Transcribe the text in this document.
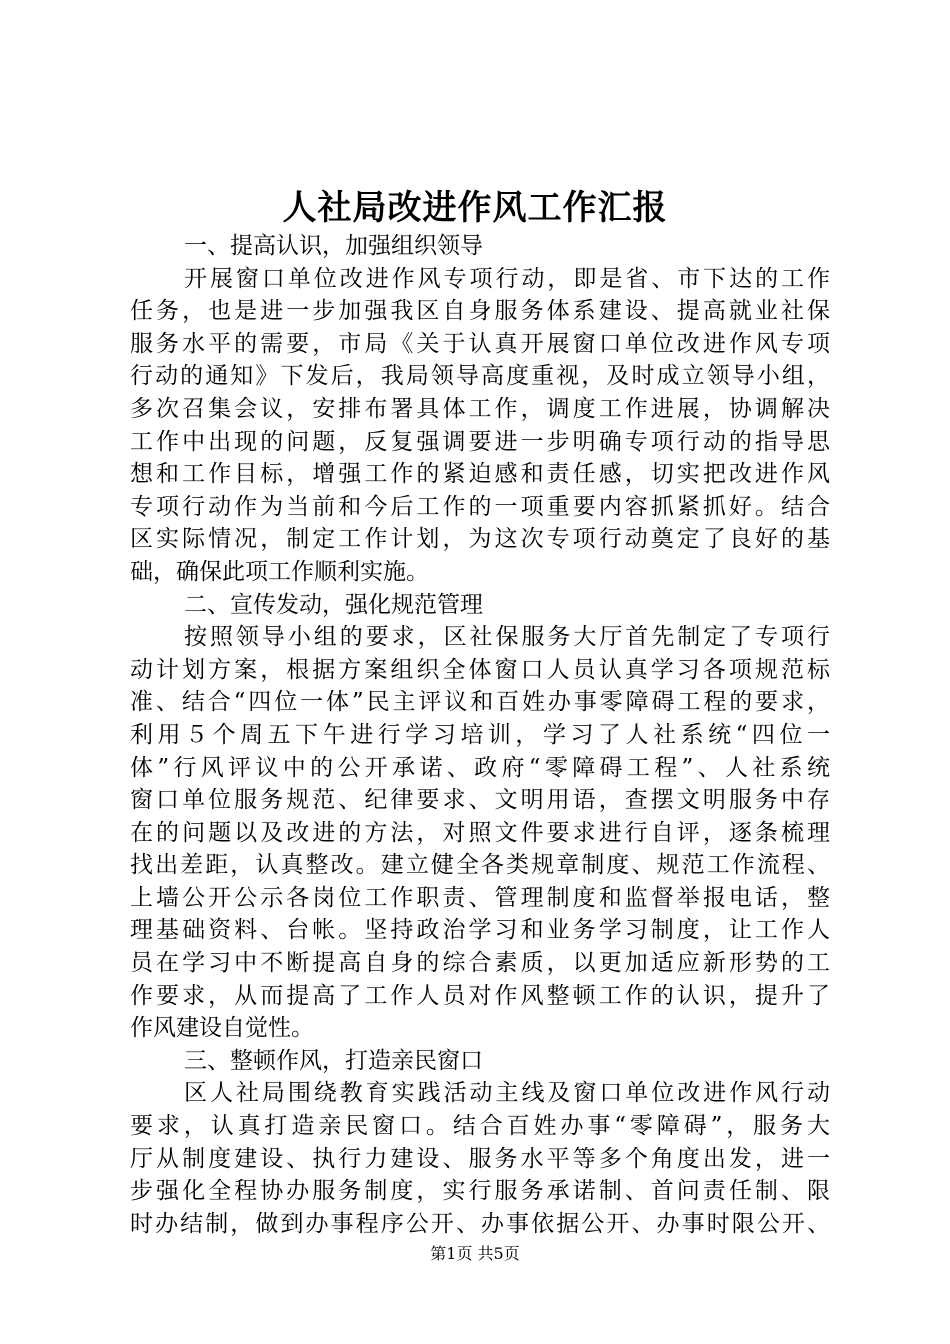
人社局改进作风工作汇报
一、提高认识，加强组织领导
开展窗口单位改进作风专项行动，即是省、市下达的工作
任务，也是进一步加强我区自身服务体系建设、提高就业社保
服务水平的需要，市局《关于认真开展窗口单位改进作风专项
行动的通知》下发后，我局领导高度重视，及时成立领导小组，
多次召集会议，安排布署具体工作，调度工作进展，协调解决
工作中出现的问题，反复强调要进一步明确专项行动的指导思
想和工作目标，增强工作的紧迫感和责任感，切实把改进作风
专项行动作为当前和今后工作的一项重要内容抓紧抓好。结合
区实际情况，制定工作计划，为这次专项行动奠定了良好的基
础，确保此项工作顺利实施。
二、宣传发动，强化规范管理
按照领导小组的要求，区社保服务大厅首先制定了专项行
动计划方案，根据方案组织全体窗口人员认真学习各项规范标
准、结合“四位一体”民主评议和百姓办事零障碍工程的要求，
利用５个周五下午进行学习培训，学习了人社系统“四位一
体”行风评议中的公开承诺、政府“零障碍工程”、人社系统
窗口单位服务规范、纪律要求、文明用语，查摆文明服务中存
在的问题以及改进的方法，对照文件要求进行自评，逐条梳理
找出差距，认真整改。建立健全各类规章制度、规范工作流程、
上墙公开公示各岗位工作职责、管理制度和监督举报电话，整
理基础资料、台帐。坚持政治学习和业务学习制度，让工作人
员在学习中不断提高自身的综合素质，以更加适应新形势的工
作要求，从而提高了工作人员对作风整顿工作的认识，提升了
作风建设自觉性。
三、整顿作风，打造亲民窗口
区人社局围绕教育实践活动主线及窗口单位改进作风行动
要求，认真打造亲民窗口。结合百姓办事“零障碍”，服务大
厅从制度建设、执行力建设、服务水平等多个角度出发，进一
步强化全程协办服务制度，实行服务承诺制、首问责任制、限
时办结制，做到办事程序公开、办事依据公开、办事时限公开、
第1页 共5页
